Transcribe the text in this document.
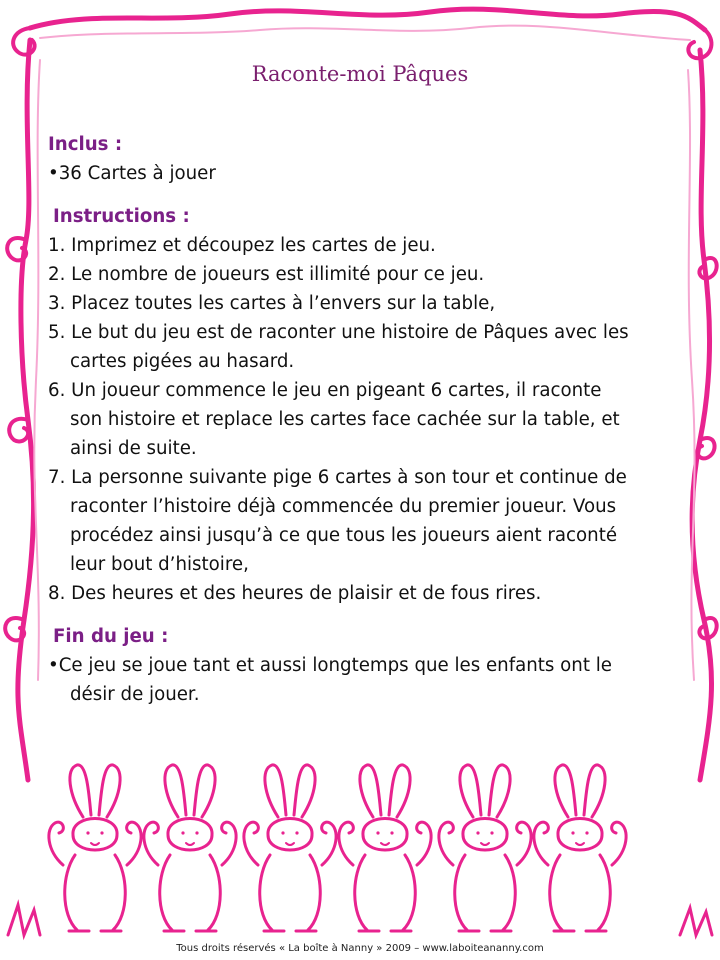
Raconte-moi Pâques
Inclus :
•36 Cartes à jouer
Instructions :
1. Imprimez et découpez les cartes de jeu.
2. Le nombre de joueurs est illimité pour ce jeu.
3. Placez toutes les cartes à l’envers sur la table,
5. Le but du jeu est de raconter une histoire de Pâques avec les
cartes pigées au hasard.
6. Un joueur commence le jeu en pigeant 6 cartes, il raconte
son histoire et replace les cartes face cachée sur la table, et
ainsi de suite.
7. La personne suivante pige 6 cartes à son tour et continue de
raconter l’histoire déjà commencée du premier joueur. Vous
procédez ainsi jusqu’à ce que tous les joueurs aient raconté
leur bout d’histoire,
8. Des heures et des heures de plaisir et de fous rires.
Fin du jeu :
•Ce jeu se joue tant et aussi longtemps que les enfants ont le
désir de jouer.
Tous droits réservés « La boîte à Nanny » 2009 – www.laboiteananny.com
